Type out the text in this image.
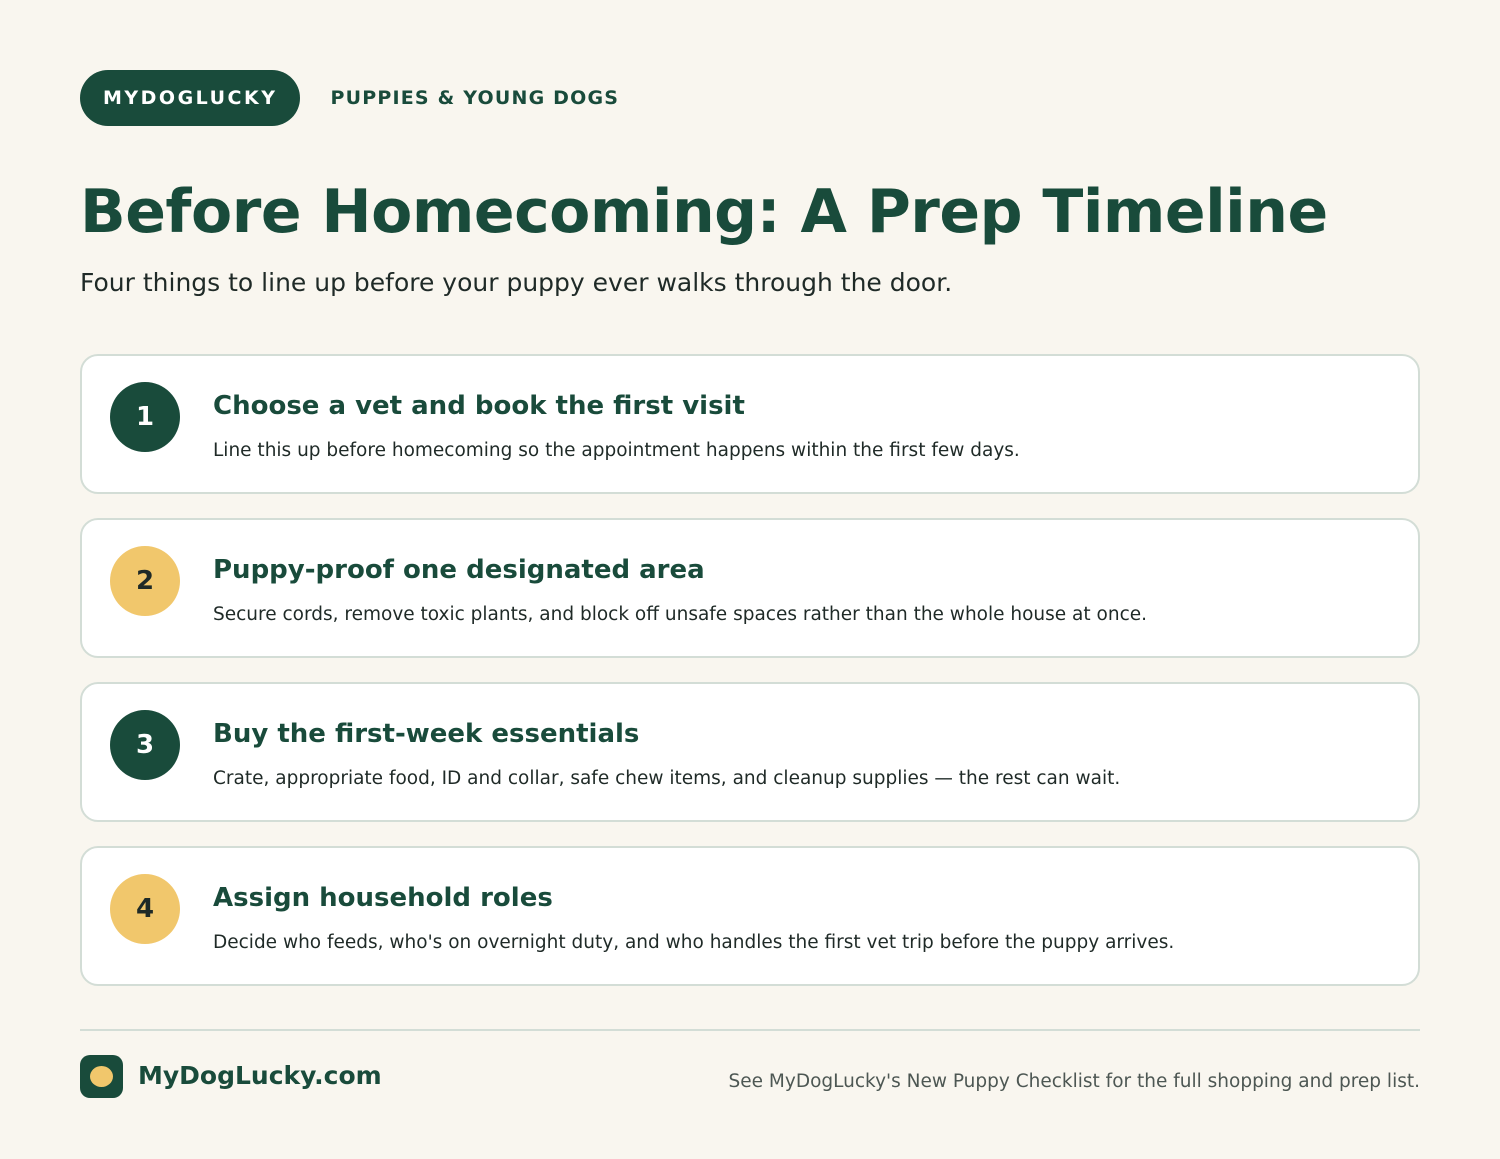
MYDOGLUCKY	PUPPIES & YOUNG DOGS
Before Homecoming: A Prep Timeline

Four things to line up before your puppy ever walks through the door.

1	Choose a vet and book the first visit
Line this up before homecoming so the appointment happens within the first few days.
2	Puppy-proof one designated area
Secure cords, remove toxic plants, and block off unsafe spaces rather than the whole house at once.
3	Buy the first-week essentials
Crate, appropriate food, ID and collar, safe chew items, and cleanup supplies — the rest can wait.
4	Assign household roles
Decide who feeds, who's on overnight duty, and who handles the first vet trip before the puppy arrives.
MyDogLucky.com	See MyDogLucky's New Puppy Checklist for the full shopping and prep list.
